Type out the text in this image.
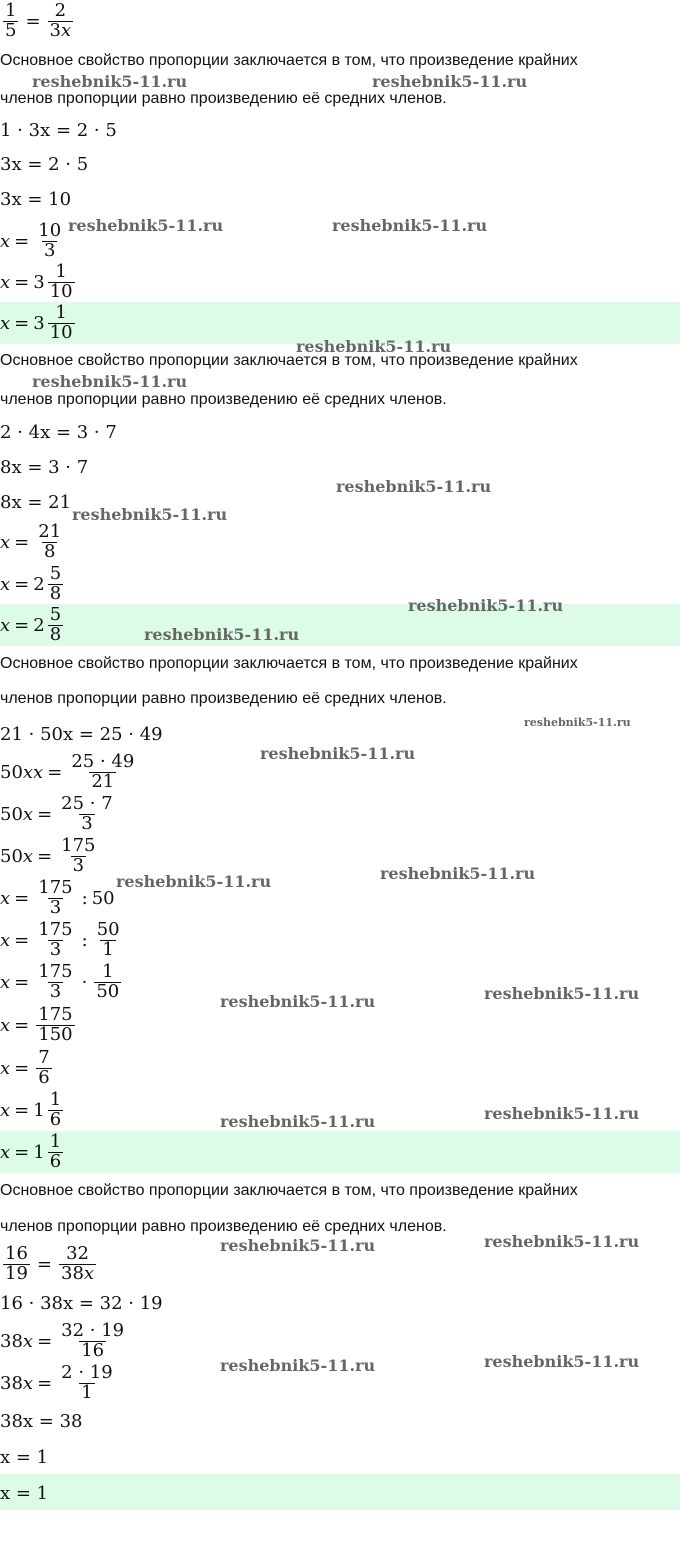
$\frac{1}{5} = \frac{2}{3x}$
Основное свойство пропорции заключается в том, что произведение крайних
членов пропорции равно произведению её средних членов.
1 · 3x = 2 · 5
3x = 2 · 5
3x = 10
$x = \frac{10}{3}$
$x = 3 \frac{1}{10}$
$x = 3 \frac{1}{10}$
Основное свойство пропорции заключается в том, что произведение крайних
членов пропорции равно произведению её средних членов.
2 · 4x = 3 · 7
8x = 3 · 7
8x = 21
$x = \frac{21}{8}$
$x = 2 \frac{5}{8}$
$x = 2 \frac{5}{8}$
Основное свойство пропорции заключается в том, что произведение крайних
членов пропорции равно произведению её средних членов.
21 · 50x = 25 · 49
50 xx = $\frac{25 \cdot 49}{21}$
50 $x = \frac{25 \cdot 7}{3}$
50 $x = \frac{175}{3}$
$x = \frac{175}{3}$ : 50
$x = \frac{175}{3}$ : $\frac{50}{1}$
$x = \frac{175}{3} \cdot \frac{1}{50}$
$x = \frac{175}{150}$
$x = \frac{7}{6}$
$x = 1 \frac{1}{6}$
$x = 1 \frac{1}{6}$
Основное свойство пропорции заключается в том, что произведение крайних
членов пропорции равно произведению её средних членов.
$\frac{16}{19} = \frac{32}{38x}$
16 · 38x = 32 · 19
38 $x = \frac{32 \cdot 19}{16}$
38 $x = \frac{2 \cdot 19}{1}$
38x = 38
x = 1
x = 1
reshebnik5-11.ru	reshebnik5-11.ru
reshebnik5-11.ru	reshebnik5-11.ru
reshebnik5-11.ru
reshebnik5-11.ru
reshebnik5-11.ru
reshebnik5-11.ru
reshebnik5-11.ru
reshebnik5-11.ru
reshebnik5-11.ru
reshebnik5-11.ru
reshebnik5-11.ru
reshebnik5-11.ru
reshebnik5-11.ru
reshebnik5-11.ru
reshebnik5-11.ru
reshebnik5-11.ru
reshebnik5-11.ru
reshebnik5-11.ru
reshebnik5-11.ru
reshebnik5-11.ru
